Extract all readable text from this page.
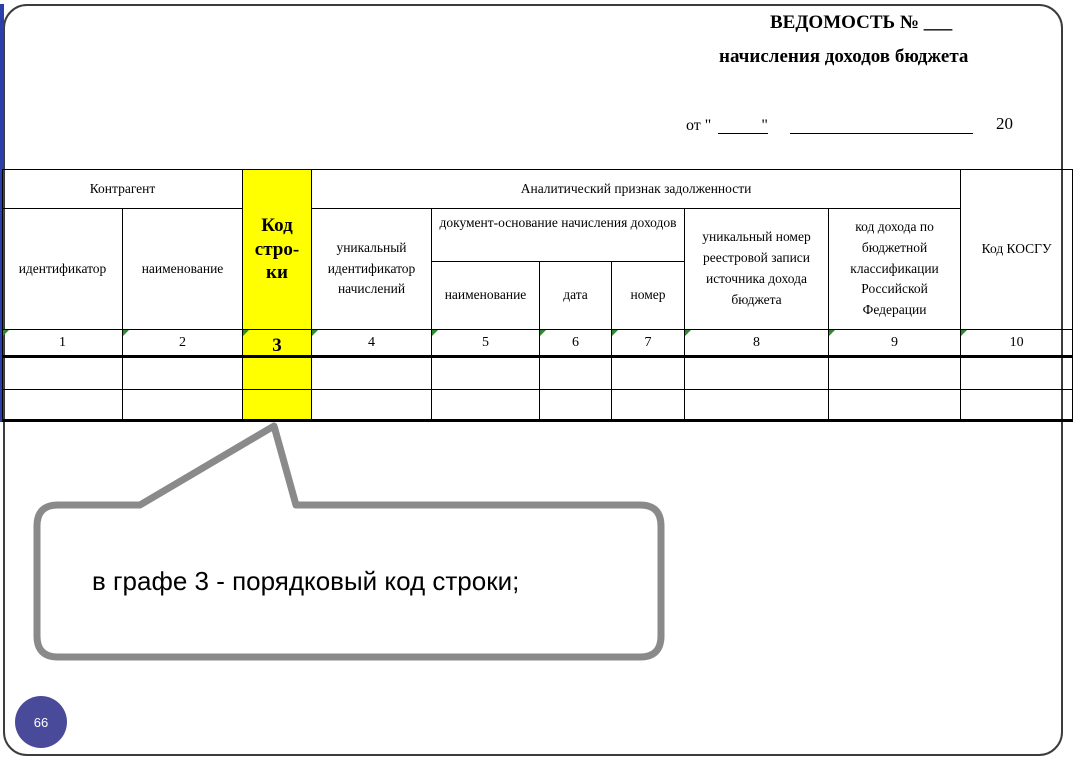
ВЕДОМОСТЬ № ___
начисления доходов бюджета
от "	"	20
Контрагент		Код стро- ки	Аналитический признак задолженности						Код КОСГУ
идентификатор	наименование		уникальный идентификатор начислений	документ-основание начисления доходов			уникальный номер реестровой записи источника дохода бюджета	код дохода по бюджетной классификации Российской Федерации	
				наименование	дата	номер			

1	2	3	4	5	6	7	8	9	10

в графе 3 - порядковый код строки;
66
